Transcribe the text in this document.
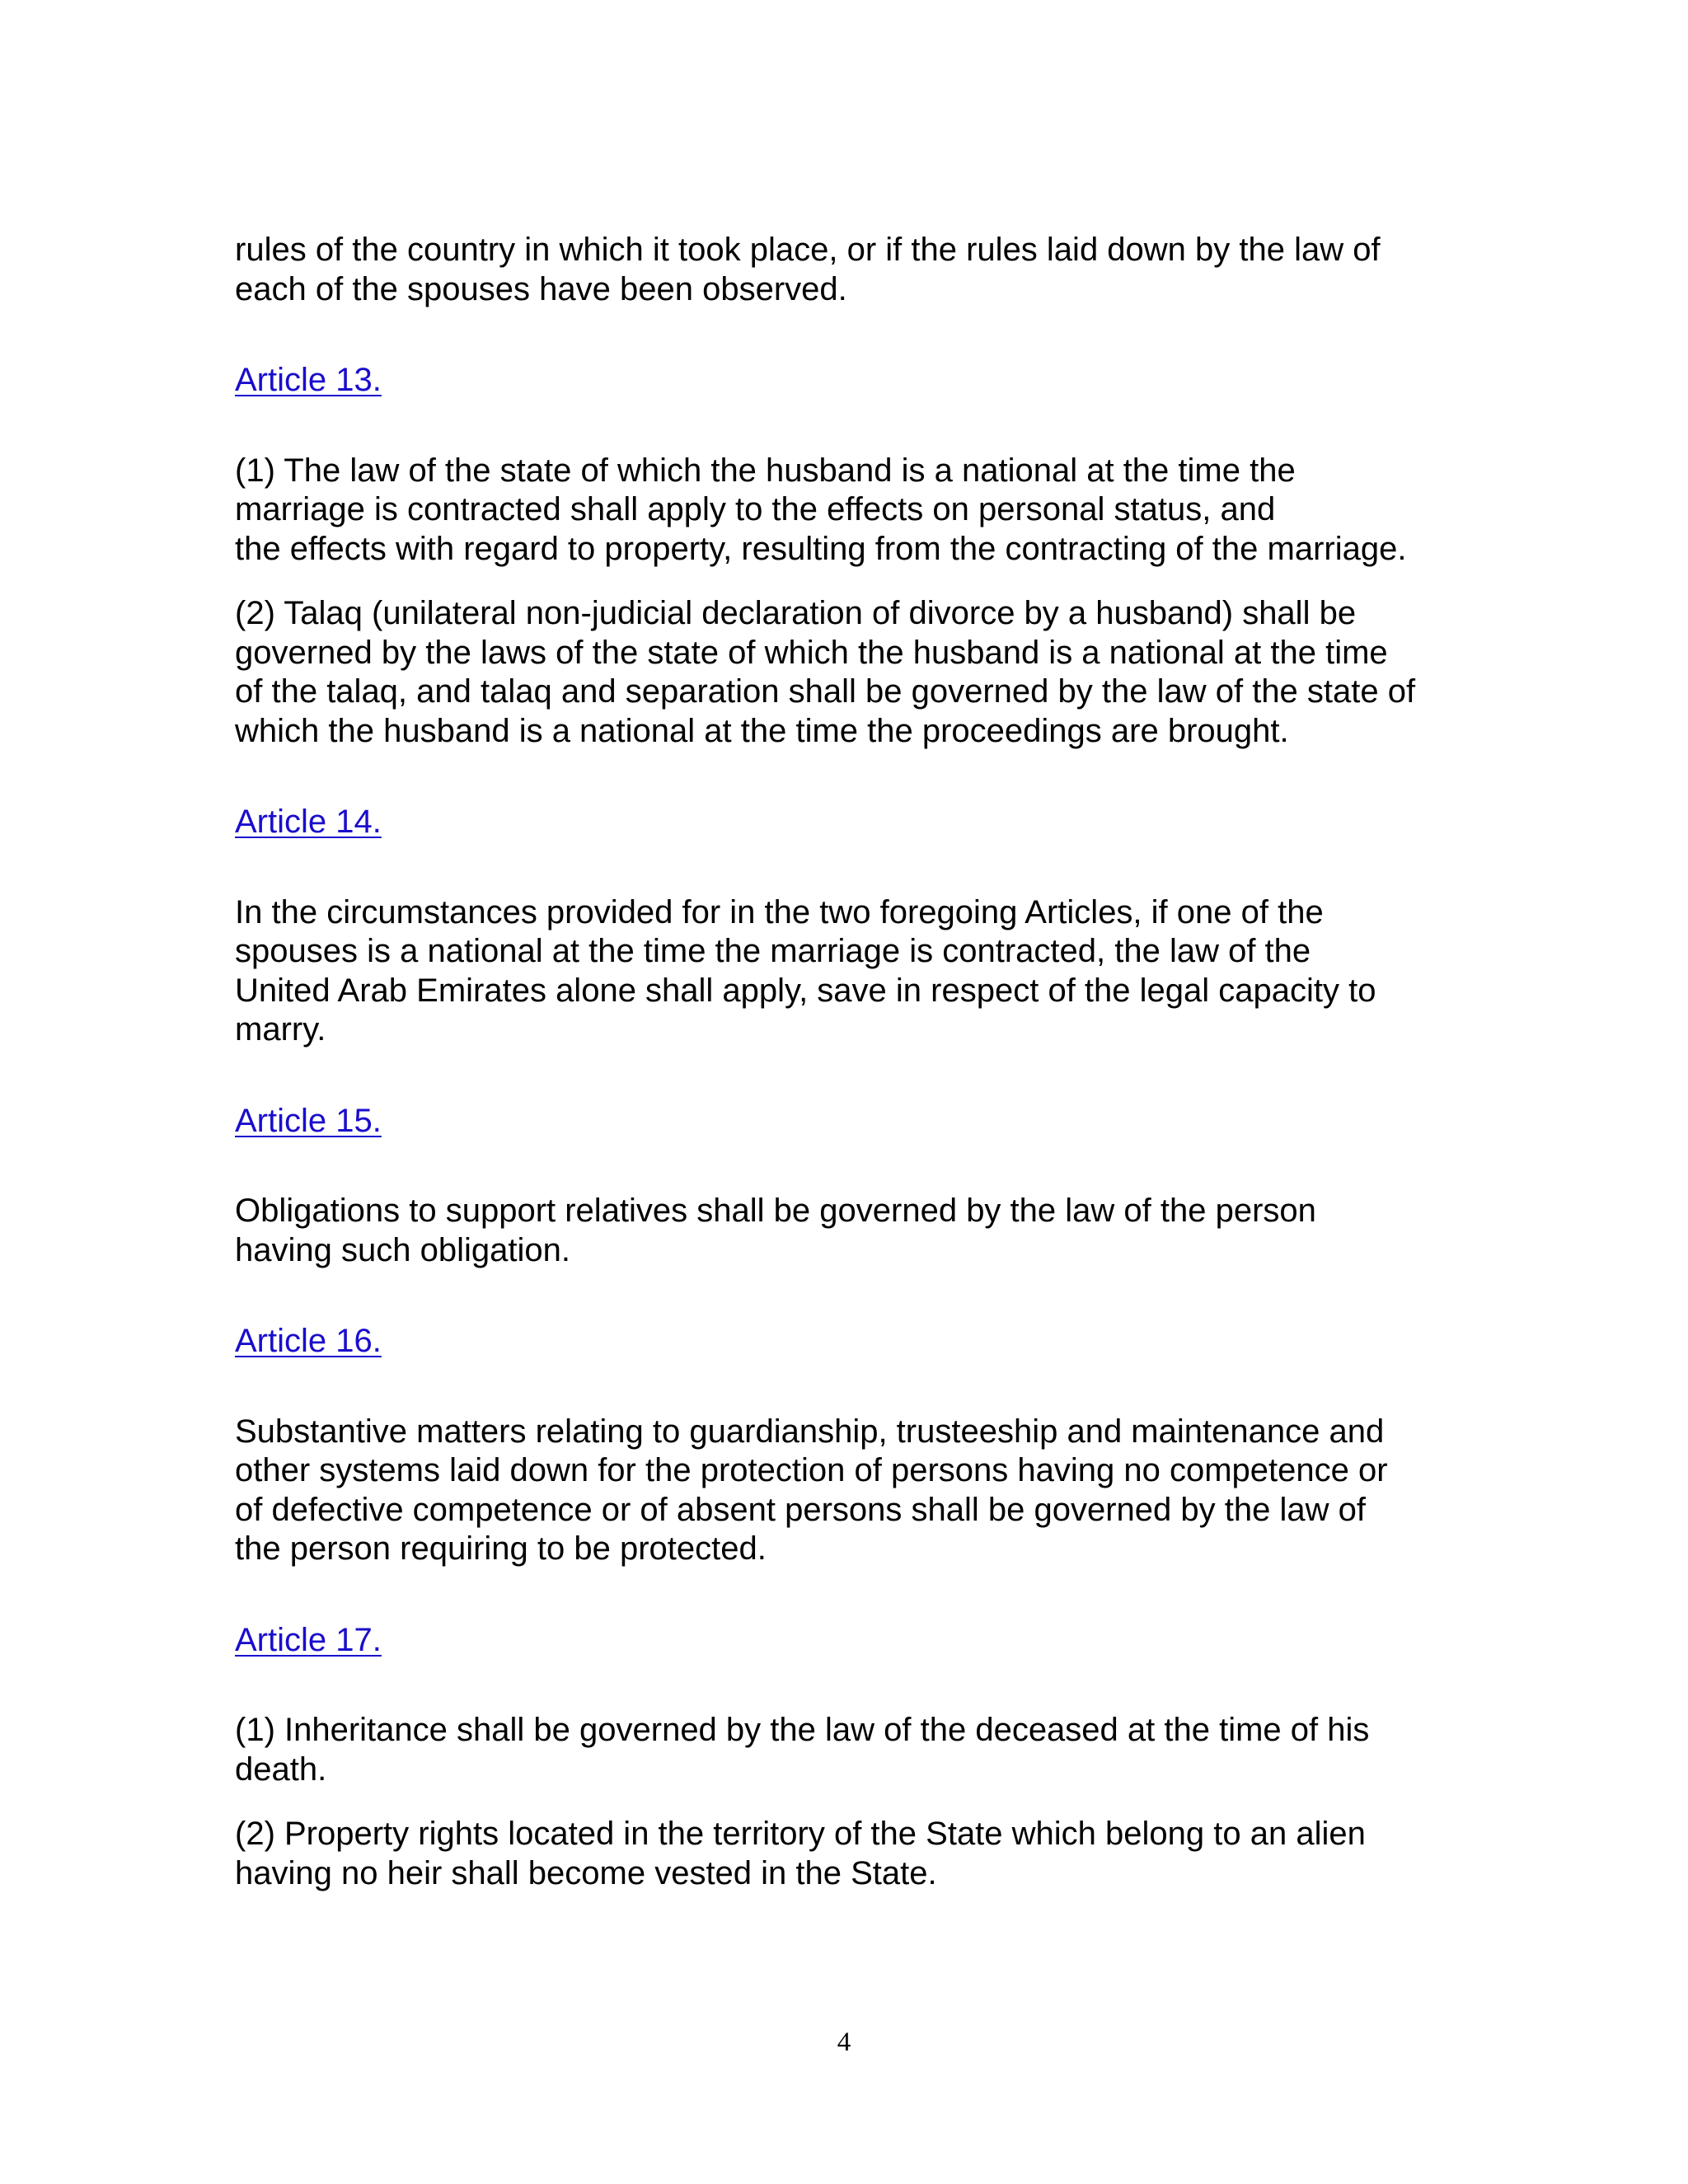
rules of the country in which it took place, or if the rules laid down by the law of
each of the spouses have been observed.

Article 13.

(1) The law of the state of which the husband is a national at the time the
marriage is contracted shall apply to the effects on personal status, and
the effects with regard to property, resulting from the contracting of the marriage.

(2) Talaq (unilateral non-judicial declaration of divorce by a husband) shall be
governed by the laws of the state of which the husband is a national at the time
of the talaq, and talaq and separation shall be governed by the law of the state of
which the husband is a national at the time the proceedings are brought.

Article 14.

In the circumstances provided for in the two foregoing Articles, if one of the
spouses is a national at the time the marriage is contracted, the law of the
United Arab Emirates alone shall apply, save in respect of the legal capacity to
marry.

Article 15.

Obligations to support relatives shall be governed by the law of the person
having such obligation.

Article 16.

Substantive matters relating to guardianship, trusteeship and maintenance and
other systems laid down for the protection of persons having no competence or
of defective competence or of absent persons shall be governed by the law of
the person requiring to be protected.

Article 17.

(1) Inheritance shall be governed by the law of the deceased at the time of his
death.

(2) Property rights located in the territory of the State which belong to an alien
having no heir shall become vested in the State.

4
